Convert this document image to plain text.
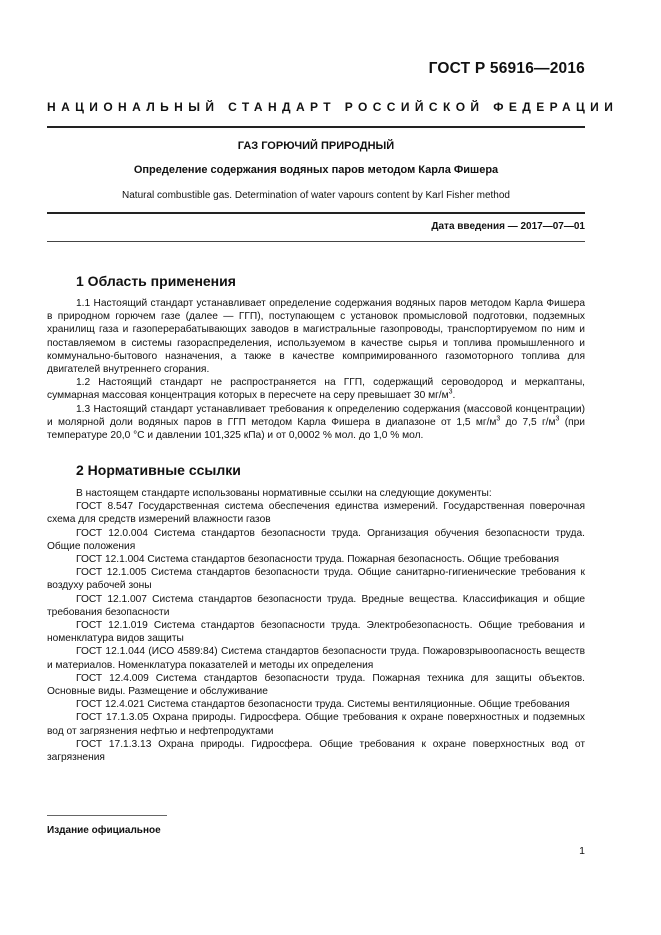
ГОСТ Р 56916—2016
НАЦИОНАЛЬНЫЙ СТАНДАРТ РОССИЙСКОЙ ФЕДЕРАЦИИ
ГАЗ ГОРЮЧИЙ ПРИРОДНЫЙ
Определение содержания водяных паров методом Карла Фишера
Natural combustible gas. Determination of water vapours content by Karl Fisher method
Дата введения — 2017—07—01
1 Область применения

1.1 Настоящий стандарт устанавливает определение содержания водяных паров методом Карла Фишера в природном горючем газе (далее — ГГП), поступающем с установок промысловой подготовки, подземных хранилищ газа и газоперерабатывающих заводов в магистральные газопроводы, транспортируемом по ним и поставляемом в системы газораспределения, используемом в качестве сырья и топлива промышленного и коммунально-бытового назначения, а также в качестве компримированного газомоторного топлива для двигателей внутреннего сгорания.

1.2 Настоящий стандарт не распространяется на ГГП, содержащий сероводород и меркаптаны, суммарная массовая концентрация которых в пересчете на серу превышает 30 $мг/м^3$.

1.3 Настоящий стандарт устанавливает требования к определению содержания (массовой концентрации) и молярной доли водяных паров в ГГП методом Карла Фишера в диапазоне от 1,5 $мг/м^3$ до 7,5 $г/м^3$ (при температуре 20,0 °С и давлении 101,325 кПа) и от 0,0002 % мол. до 1,0 % мол.

2 Нормативные ссылки

В настоящем стандарте использованы нормативные ссылки на следующие документы:

ГОСТ 8.547 Государственная система обеспечения единства измерений. Государственная поверочная схема для средств измерений влажности газов

ГОСТ 12.0.004 Система стандартов безопасности труда. Организация обучения безопасности труда. Общие положения

ГОСТ 12.1.004 Система стандартов безопасности труда. Пожарная безопасность. Общие требования

ГОСТ 12.1.005 Система стандартов безопасности труда. Общие санитарно-гигиенические требования к воздуху рабочей зоны

ГОСТ 12.1.007 Система стандартов безопасности труда. Вредные вещества. Классификация и общие требования безопасности

ГОСТ 12.1.019 Система стандартов безопасности труда. Электробезопасность. Общие требования и номенклатура видов защиты

ГОСТ 12.1.044 (ИСО 4589:84) Система стандартов безопасности труда. Пожаровзрывоопасность веществ и материалов. Номенклатура показателей и методы их определения

ГОСТ 12.4.009 Система стандартов безопасности труда. Пожарная техника для защиты объектов. Основные виды. Размещение и обслуживание

ГОСТ 12.4.021 Система стандартов безопасности труда. Системы вентиляционные. Общие требования

ГОСТ 17.1.3.05 Охрана природы. Гидросфера. Общие требования к охране поверхностных и подземных вод от загрязнения нефтью и нефтепродуктами

ГОСТ 17.1.3.13 Охрана природы. Гидросфера. Общие требования к охране поверхностных вод от загрязнения

Издание официальное
1
